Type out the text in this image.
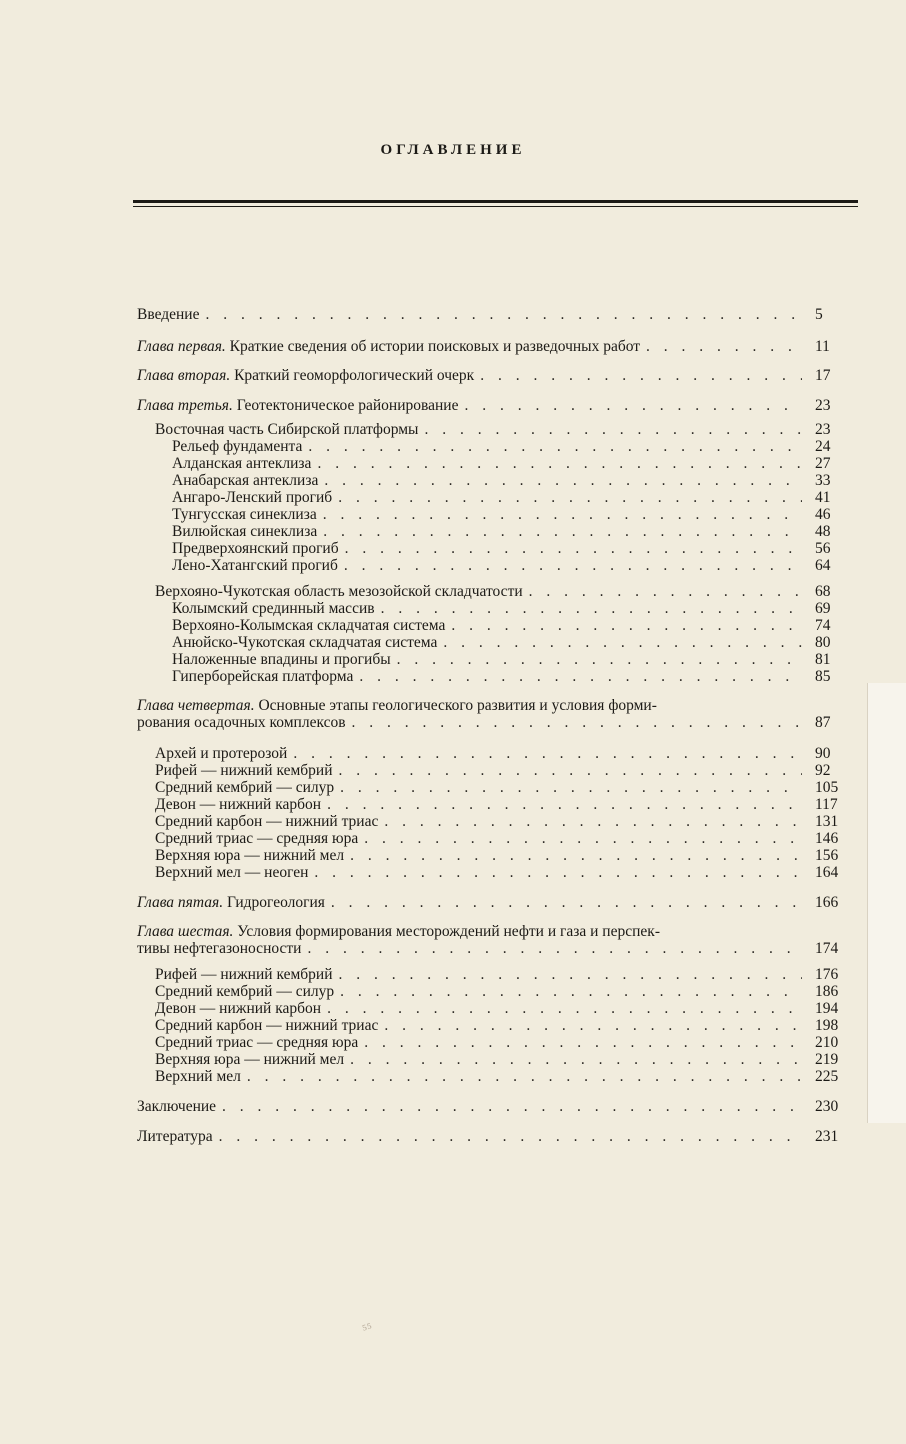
ОГЛАВЛЕНИЕ
⁵⁵
Введение . . .	5
Глава первая. Краткие сведения об истории поисковых и разведочных работ . . .	11
Глава вторая. Краткий геоморфологический очерк . . .	17
Глава третья. Геотектоническое районирование . . .	23
Восточная часть Сибирской платформы . . .	23
Рельеф фундамента . . .	24
Алданская антеклиза . . .	27
Анабарская антеклиза . . .	33
Ангаро-Ленский прогиб . . .	41
Тунгусская синеклиза . . .	46
Вилюйская синеклиза . . .	48
Предверхоянский прогиб . . .	56
Лено-Хатангский прогиб . . .	64
Верхояно-Чукотская область мезозойской складчатости . . .	68
Колымский срединный массив . . .	69
Верхояно-Колымская складчатая система . . .	74
Анюйско-Чукотская складчатая система . . .	80
Наложенные впадины и прогибы . . .	81
Гиперборейская платформа . . .	85
Глава четвертая. Основные этапы геологического развития и условия форми-
рования осадочных комплексов . . .	87
Архей и протерозой . . .	90
Рифей — нижний кембрий . . .	92
Средний кембрий — силур . . .	105
Девон — нижний карбон . . .	117
Средний карбон — нижний триас . . .	131
Средний триас — средняя юра . . .	146
Верхняя юра — нижний мел . . .	156
Верхний мел — неоген . . .	164
Глава пятая. Гидрогеология . . .	166
Глава шестая. Условия формирования месторождений нефти и газа и перспек-
тивы нефтегазоносности . . .	174
Рифей — нижний кембрий . . .	176
Средний кембрий — силур . . .	186
Девон — нижний карбон . . .	194
Средний карбон — нижний триас . . .	198
Средний триас — средняя юра . . .	210
Верхняя юра — нижний мел . . .	219
Верхний мел . . .	225
Заключение . . .	230
Литература . . .	231
